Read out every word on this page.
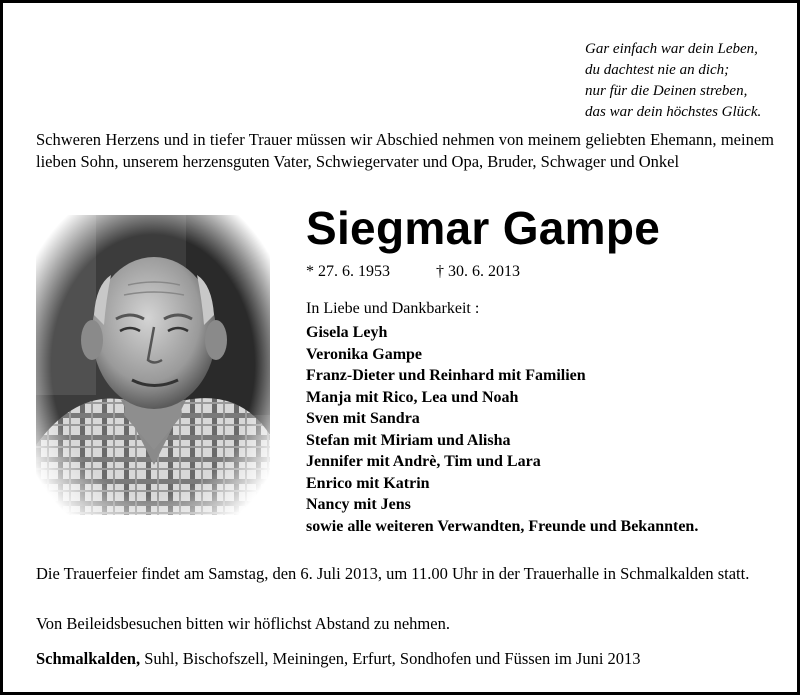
Gar einfach war dein Leben,
du dachtest nie an dich;
nur für die Deinen streben,
das war dein höchstes Glück.
Schweren Herzens und in tiefer Trauer müssen wir Abschied nehmen von meinem geliebten Ehemann, meinem lieben Sohn, unserem herzensguten Vater, Schwiegervater und Opa, Bruder, Schwager und Onkel
Siegmar Gampe
* 27. 6. 1953	† 30. 6. 2013
In Liebe und Dankbarkeit :
Gisela Leyh
Veronika Gampe
Franz-Dieter und Reinhard mit Familien
Manja mit Rico, Lea und Noah
Sven mit Sandra
Stefan mit Miriam und Alisha
Jennifer mit Andrè, Tim und Lara
Enrico mit Katrin
Nancy mit Jens
sowie alle weiteren Verwandten, Freunde und Bekannten.
Die Trauerfeier findet am Samstag, den 6. Juli 2013, um 11.00 Uhr in der Trauerhalle in Schmalkalden statt.
Von Beileidsbesuchen bitten wir höflichst Abstand zu nehmen.
Schmalkalden, Suhl, Bischofszell, Meiningen, Erfurt, Sondhofen und Füssen im Juni 2013
